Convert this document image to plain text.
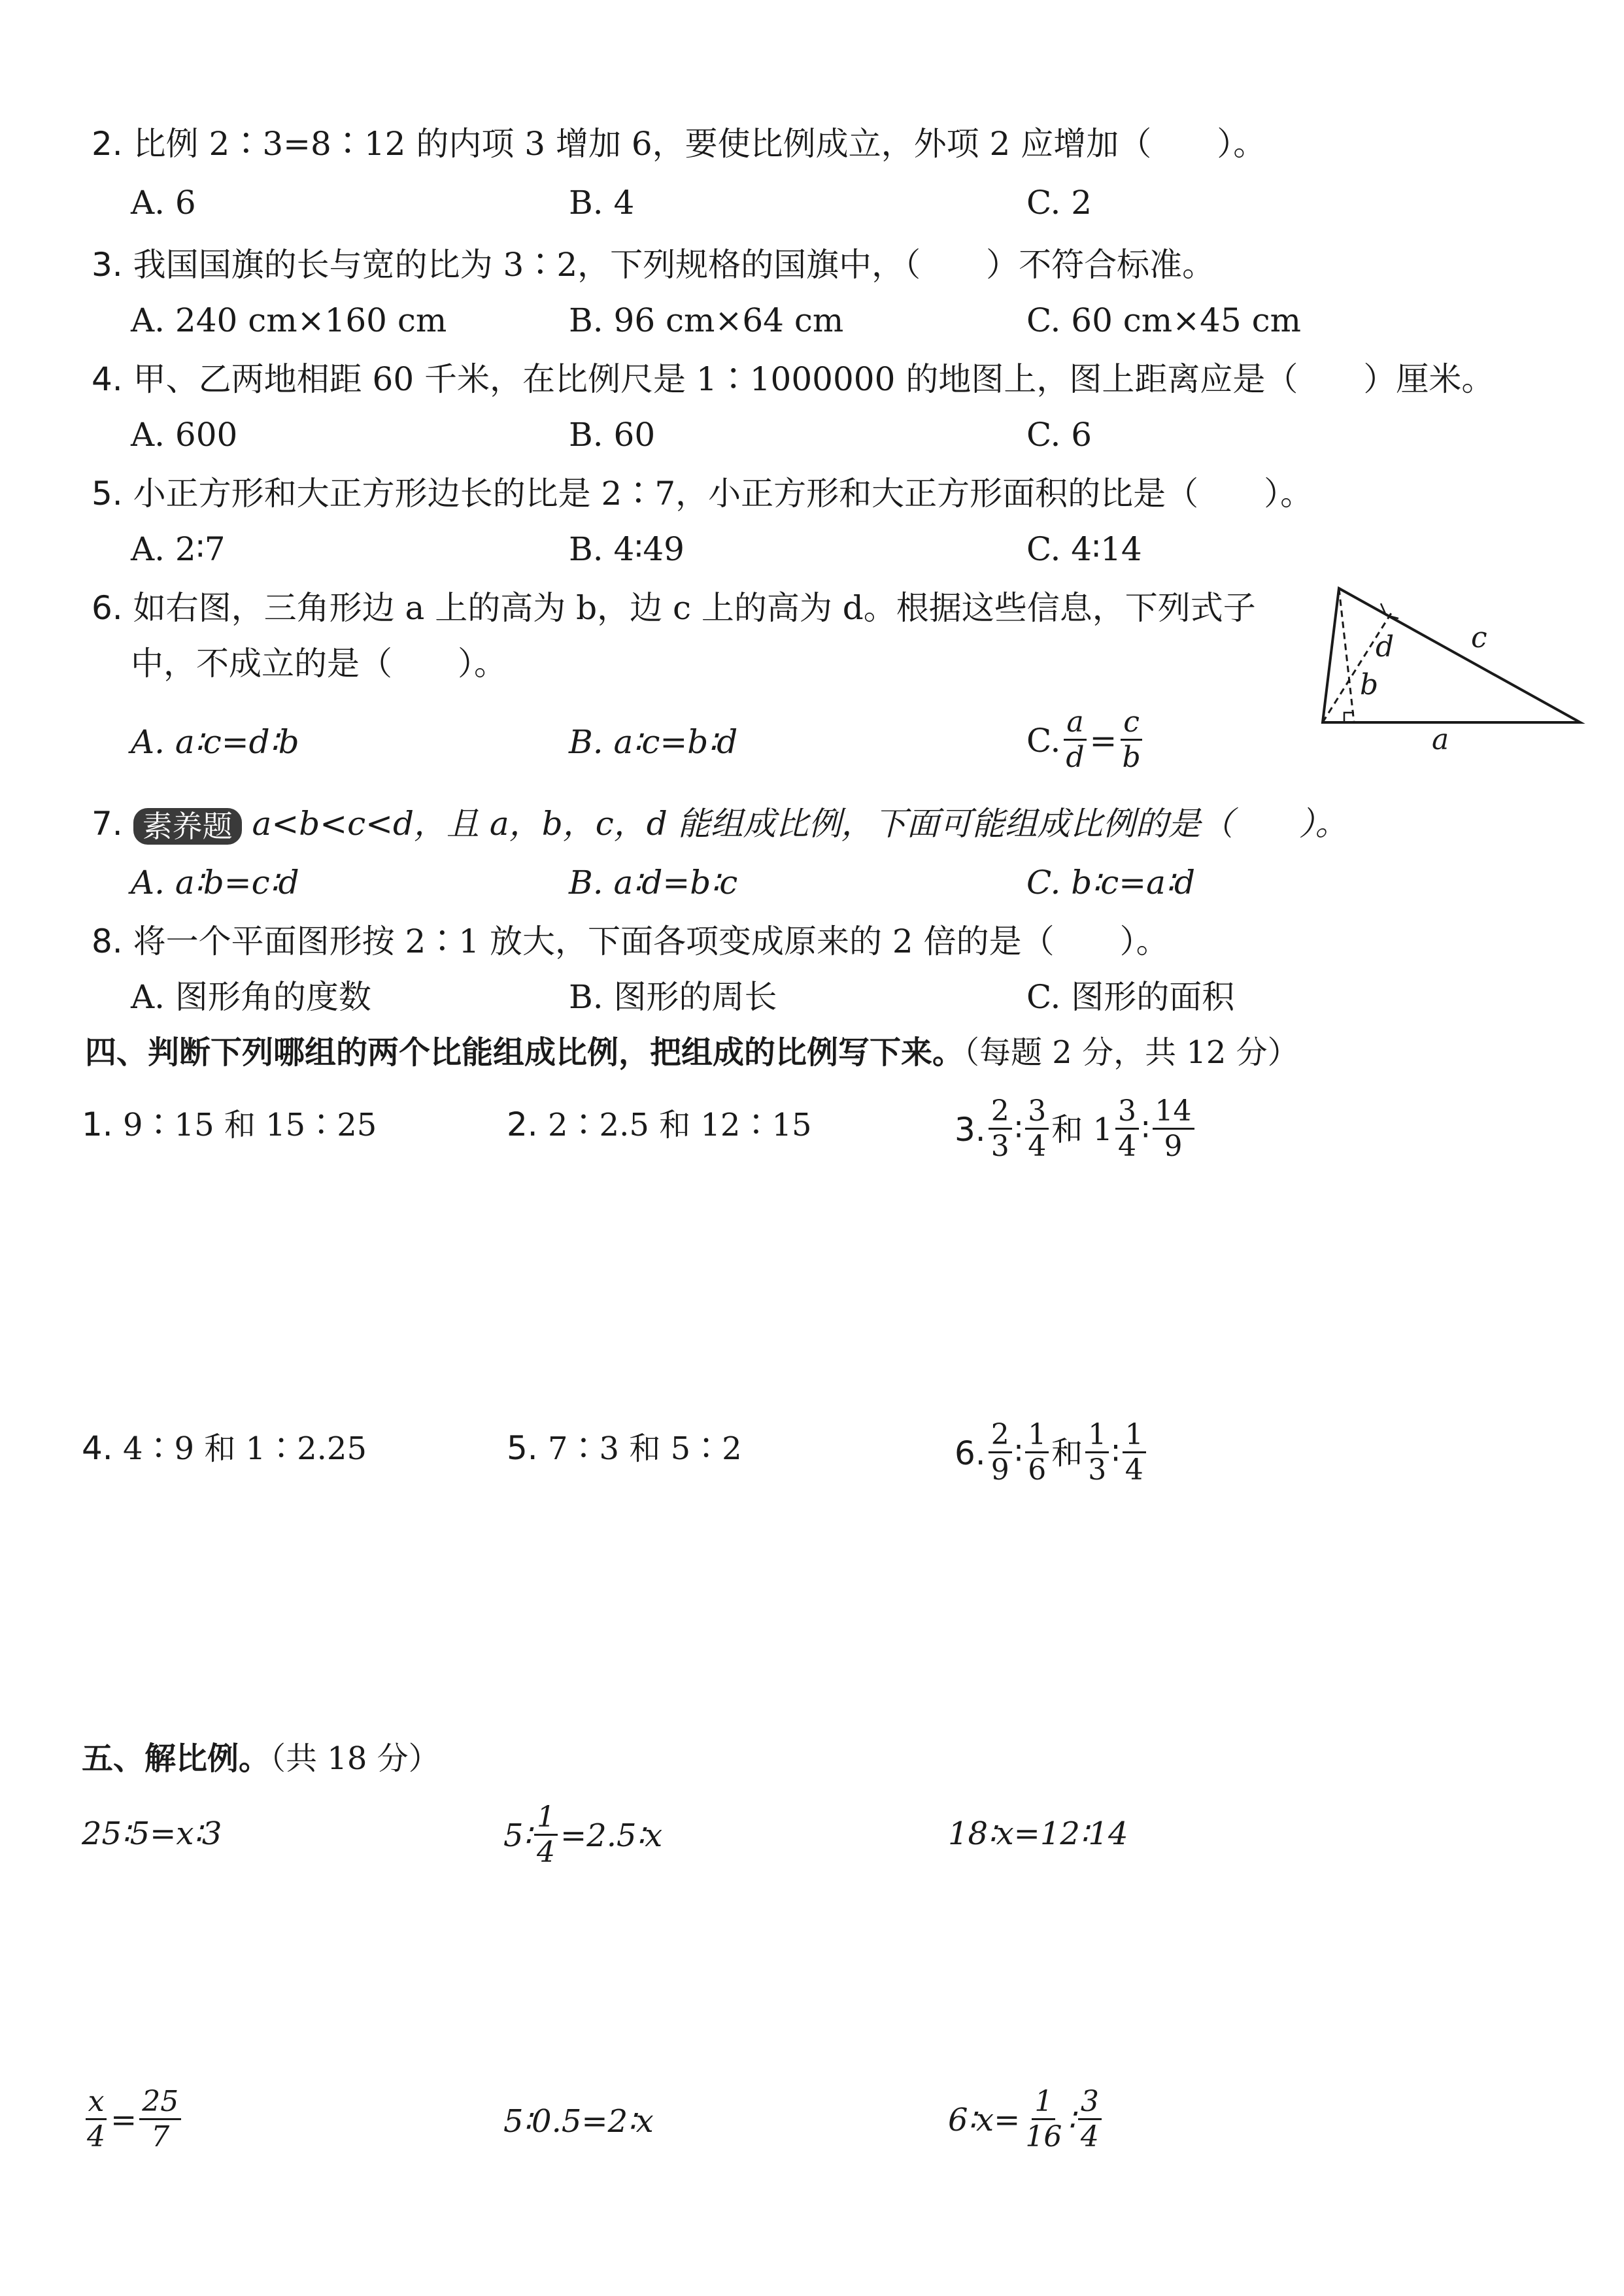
2. 比例 2∶3=8∶12 的内项 3 增加 6，要使比例成立，外项 2 应增加（　　）。
A. 6	B. 4	C. 2
3. 我国国旗的长与宽的比为 3∶2，下列规格的国旗中，（　　）不符合标准。
A. 240 cm×160 cm	B. 96 cm×64 cm	C. 60 cm×45 cm
4. 甲、乙两地相距 60 千米，在比例尺是 1∶1000000 的地图上，图上距离应是（　　）厘米。
A. 600	B. 60	C. 6
5. 小正方形和大正方形边长的比是 2∶7，小正方形和大正方形面积的比是（　　）。
A. 2∶7	B. 4∶49	C. 4∶14
6. 如右图，三角形边 a 上的高为 b，边 c 上的高为 d。根据这些信息，下列式子
中，不成立的是（　　）。
A. a∶c=d∶b	B. a∶c=b∶d	C. $\frac{a}{d} = \frac{c}{b}$
d	c
b
a
7. 素养题 a<b<c<d，且 a，b，c，d 能组成比例，下面可能组成比例的是（　　）。
A. a∶b=c∶d	B. a∶d=b∶c	C. b∶c=a∶d
8. 将一个平面图形按 2∶1 放大，下面各项变成原来的 2 倍的是（　　）。
A. 图形角的度数	B. 图形的周长	C. 图形的面积
四、判断下列哪组的两个比能组成比例，把组成的比例写下来。（每题 2 分，共 12 分）
1. 9∶15 和 15∶25	2. 2∶2.5 和 12∶15	3. $\frac{2}{3}$ ∶ $\frac{3}{4}$ 和 $1 \frac{3}{4}$ ∶ $\frac{14}{9}$
4. 4∶9 和 1∶2.25	5. 7∶3 和 5∶2	6. $\frac{2}{9}$ ∶ $\frac{1}{6}$ 和 $\frac{1}{3}$ ∶ $\frac{1}{4}$
五、解比例。（共 18 分）
25∶5=x∶3	5∶ $\frac{1}{4}$ =2.5∶x	18∶x=12∶14
$\frac{x}{4} = \frac{25}{7}$	5∶0.5=2∶x	6∶x= $\frac{1}{16}$ ∶ $\frac{3}{4}$
